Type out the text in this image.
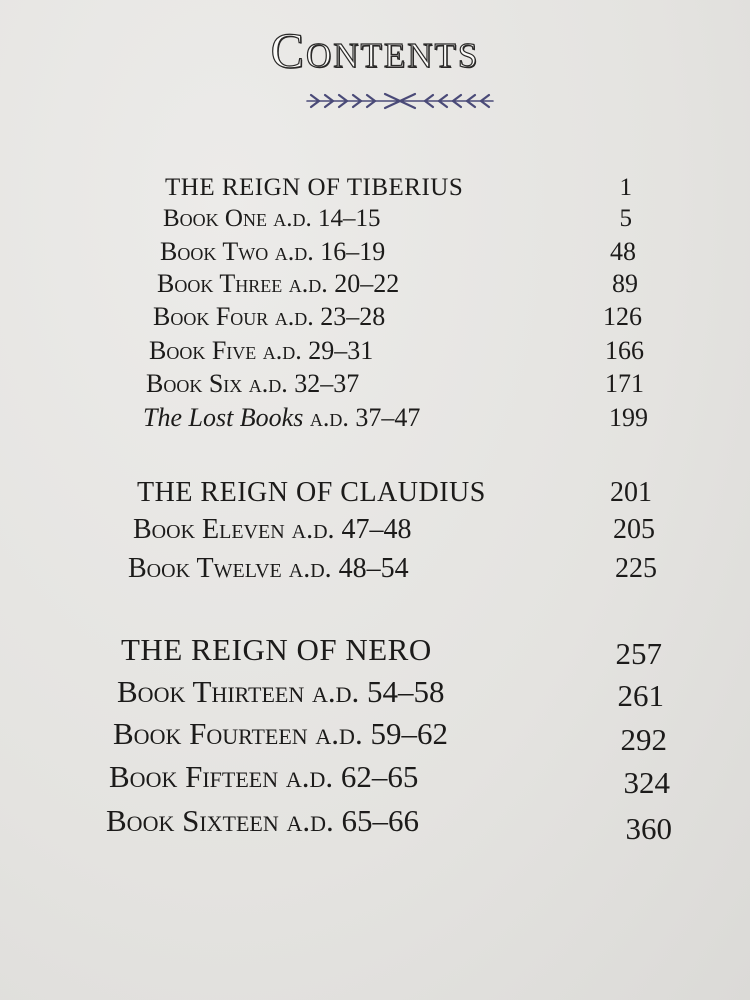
Contents
THE REIGN OF TIBERIUS	1
Book One a.d. 14–15	5
Book Two a.d. 16–19	48
Book Three a.d. 20–22	89
Book Four a.d. 23–28	126
Book Five a.d. 29–31	166
Book Six a.d. 32–37	171
The Lost Books a.d. 37–47	199
THE REIGN OF CLAUDIUS	201
Book Eleven a.d. 47–48	205
Book Twelve a.d. 48–54	225
THE REIGN OF NERO	257
Book Thirteen a.d. 54–58	261
Book Fourteen a.d. 59–62	292
Book Fifteen a.d. 62–65	324
Book Sixteen a.d. 65–66	360
